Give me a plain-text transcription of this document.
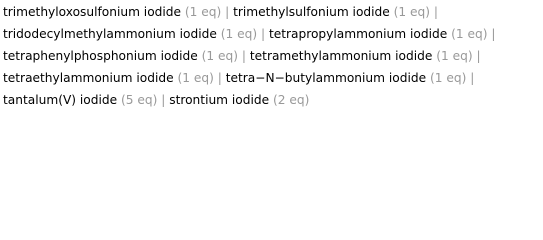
trimethyloxosulfonium iodide (1 eq) | trimethylsulfonium iodide (1 eq) | tridodecylmethylammonium iodide (1 eq) | tetrapropylammonium iodide (1 eq) | tetraphenylphosphonium iodide (1 eq) | tetramethylammonium iodide (1 eq) | tetraethylammonium iodide (1 eq) | tetra−N−butylammonium iodide (1 eq) | tantalum(V) iodide (5 eq) | strontium iodide (2 eq)
